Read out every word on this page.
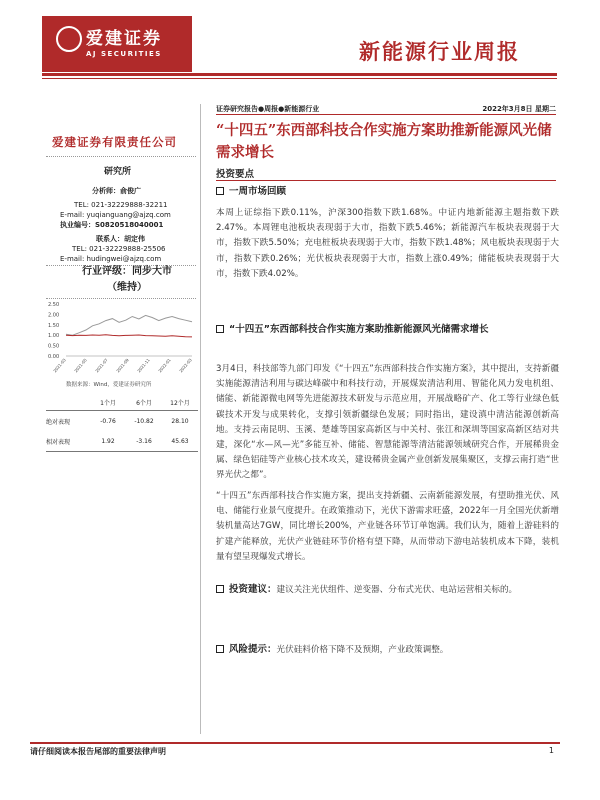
爱建证券
AJ SECURITIES	新能源行业周报
爱建证券有限责任公司
研究所
分析师：俞俊广
TEL: 021-32229888-32211
E-mail: yuqianguang@ajzq.com
执业编号：S0820518040001
联系人：胡定伟
TEL: 021-32229888-25506
E-mail: hudingwei@ajzq.com
行业评级：同步大市
（维持）
2.50
2.00
1.50
1.00
0.50
0.00
2021-03 2021-05 2021-07 2021-09 2021-11 2022-01 2022-03
数据来源：Wind，爱建证券研究所
1个月	6个月	12个月
绝对表现	-0.76	-10.82	28.10
相对表现	1.92	-3.16	45.63
证券研究报告●周报●新能源行业	2022年3月8日 星期二
“十四五”东西部科技合作实施方案助推新能源风光储需求增长
投资要点
一周市场回顾
本周上证综指下跌0.11%，沪深300指数下跌1.68%。中证内地新能源主题指数下跌2.47%。本周锂电池板块表现弱于大市，指数下跌5.46%；新能源汽车板块表现弱于大市，指数下跌5.50%；充电桩板块表现弱于大市，指数下跌1.48%；风电板块表现弱于大市，指数下跌0.26%；光伏板块表现弱于大市，指数上涨0.49%；储能板块表现弱于大市，指数下跌4.02%。
“十四五”东西部科技合作实施方案助推新能源风光储需求增长
3月4日，科技部等九部门印发《“十四五”东西部科技合作实施方案》，其中提出，支持新疆实施能源清洁利用与碳达峰碳中和科技行动，开展煤炭清洁利用、智能化风力发电机组、储能、新能源微电网等先进能源技术研发与示范应用，开展战略矿产、化工等行业绿色低碳技术开发与成果转化，支撑引领新疆绿色发展；同时指出，建设滇中清洁能源创新高地。支持云南昆明、玉溪、楚雄等国家高新区与中关村、张江和深圳等国家高新区结对共建，深化“水—风—光”多能互补、储能、智慧能源等清洁能源领域研究合作，开展稀贵金属、绿色铝硅等产业核心技术攻关，建设稀贵金属产业创新发展集聚区，支撑云南打造“世界光伏之都”。
“十四五”东西部科技合作实施方案，提出支持新疆、云南新能源发展，有望助推光伏、风电、储能行业景气度提升。在政策推动下，光伏下游需求旺盛，2022年一月全国光伏新增装机量高达7GW，同比增长200%，产业链各环节订单饱满。我们认为，随着上游硅料的扩建产能释放，光伏产业链硅环节价格有望下降，从而带动下游电站装机成本下降，装机量有望呈现爆发式增长。
投资建议：建议关注光伏组件、逆变器、分布式光伏、电站运营相关标的。
风险提示：光伏硅料价格下降不及预期，产业政策调整。
请仔细阅读本报告尾部的重要法律声明	1
